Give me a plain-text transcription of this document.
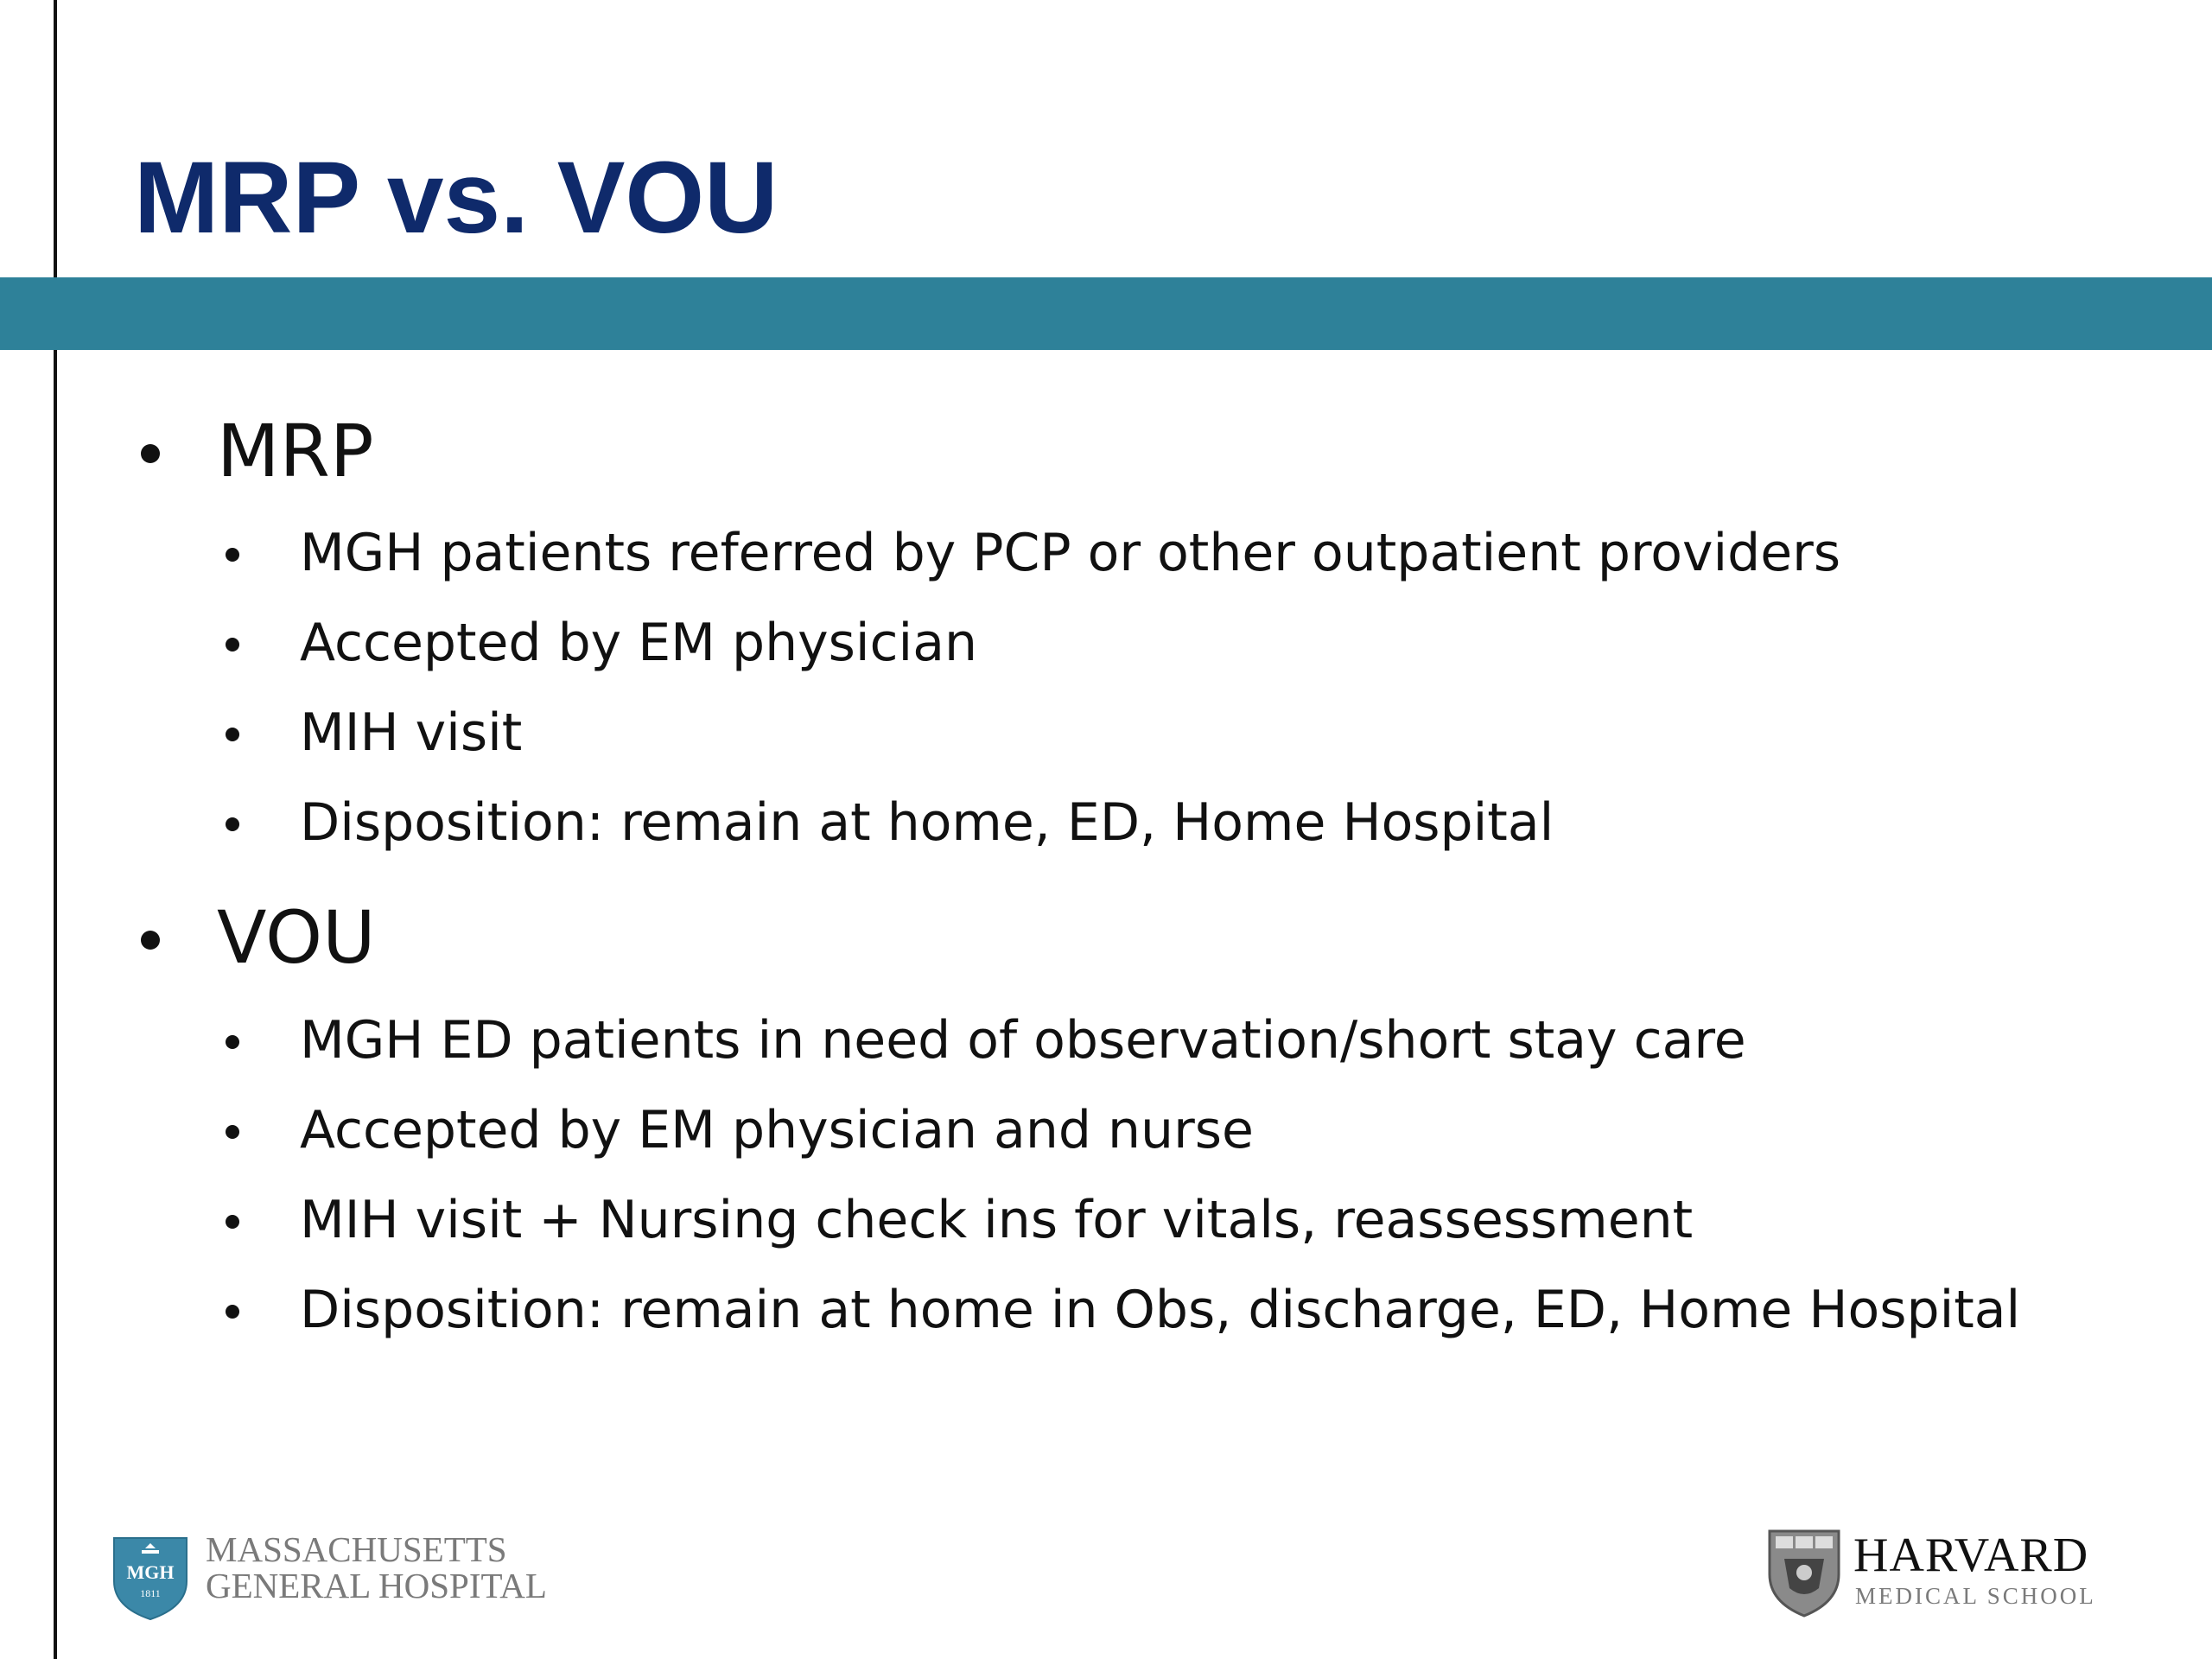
MRP vs. VOU
MRP
MGH patients referred by PCP or other outpatient providers
Accepted by EM physician
MIH visit
Disposition: remain at home, ED, Home Hospital
VOU
MGH ED patients in need of observation/short stay care
Accepted by EM physician and nurse
MIH visit + Nursing check ins for vitals, reassessment
Disposition: remain at home in Obs, discharge, ED, Home Hospital
MGH
1811
MASSACHUSETTS
GENERAL HOSPITAL
HARVARD
MEDICAL SCHOOL
